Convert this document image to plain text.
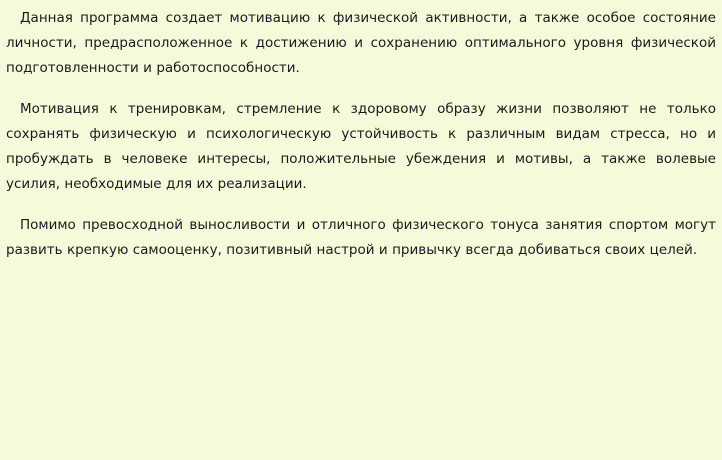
Данная программа создает мотивацию к физической активности, а также особое состояние личности, предрасположенное к достижению и сохранению оптимального уровня физической подготовленности и работоспособности.

Мотивация к тренировкам, стремление к здоровому образу жизни позволяют не только сохранять физическую и психологическую устойчивость к различным видам стресса, но и пробуждать в человеке интересы, положительные убеждения и мотивы, а также волевые усилия, необходимые для их реализации.

Помимо превосходной выносливости и отличного физического тонуса занятия спортом могут развить крепкую самооценку, позитивный настрой и привычку всегда добиваться своих целей.
